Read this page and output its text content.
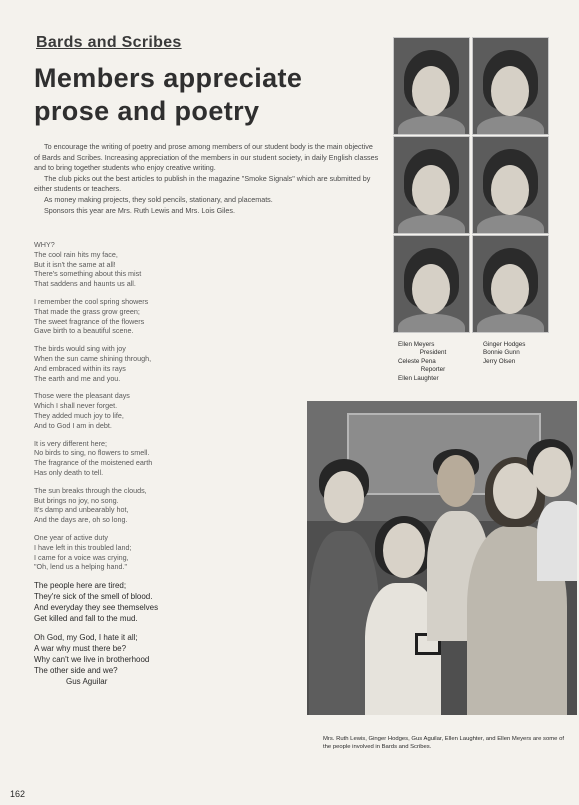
Bards and Scribes
Members appreciate prose and poetry

To encourage the writing of poetry and prose among members of our student body is the main objective of Bards and Scribes. Increasing appreciation of the members in our student society, in daily English classes and to bring together students who enjoy creative writing.

The club picks out the best articles to publish in the magazine "Smoke Signals" which are submitted by either students or teachers.

As money making projects, they sold pencils, stationary, and placemats.

Sponsors this year are Mrs. Ruth Lewis and Mrs. Lois Giles.

WHY?
The cool rain hits my face,
But it isn't the same at all!
There's something about this mist
That saddens and haunts us all.
I remember the cool spring showers
That made the grass grow green;
The sweet fragrance of the flowers
Gave birth to a beautiful scene.
The birds would sing with joy
When the sun came shining through,
And embraced within its rays
The earth and me and you.
Those were the pleasant days
Which I shall never forget.
They added much joy to life,
And to God I am in debt.
It is very different here;
No birds to sing, no flowers to smell.
The fragrance of the moistened earth
Has only death to tell.
The sun breaks through the clouds,
But brings no joy, no song.
It's damp and unbearably hot,
And the days are, oh so long.
One year of active duty
I have left in this troubled land;
I came for a voice was crying,
"Oh, lend us a helping hand."
The people here are tired;
They're sick of the smell of blood.
And everyday they see themselves
Get killed and fall to the mud.
Oh God, my God, I hate it all;
A war why must there be?
Why can't we live in brotherhood
The other side and we?
Gus Aguilar
Ellen Meyers
President
Celeste Pena
Reporter
Ellen Laughter
Ginger Hodges
Bonnie Gunn
Jerry Olsen
Mrs. Ruth Lewis, Ginger Hodges, Gus Aguilar, Ellen Laughter, and Ellen Meyers are some of the people involved in Bards and Scribes.
162
